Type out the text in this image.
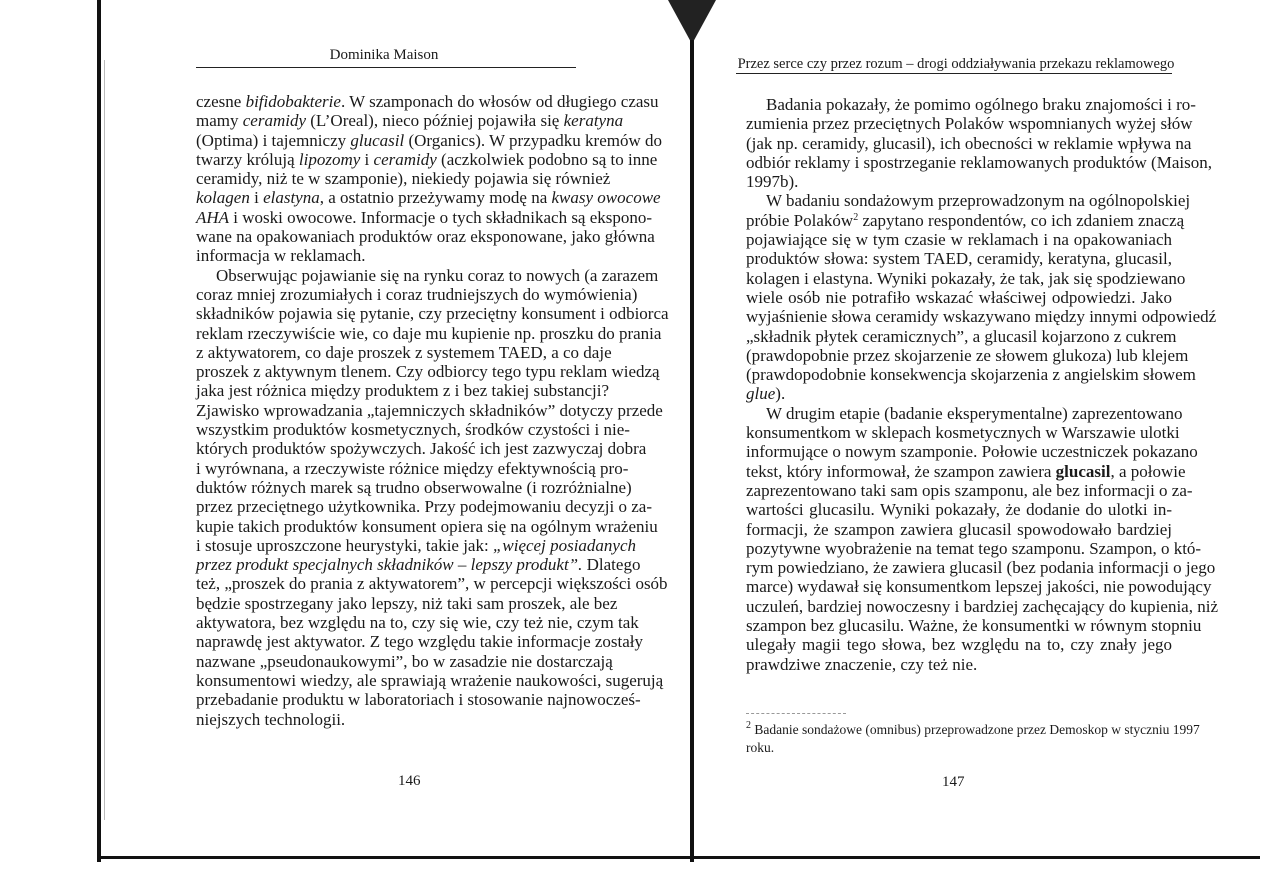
Dominika Maison
czesne bifidobakterie. W szamponach do włosów od długiego czasu
mamy ceramidy (L’Oreal), nieco później pojawiła się keratyna
(Optima) i tajemniczy glucasil (Organics). W przypadku kremów do
twarzy królują lipozomy i ceramidy (aczkolwiek podobno są to inne
ceramidy, niż te w szamponie), niekiedy pojawia się również
kolagen i elastyna, a ostatnio przeżywamy modę na kwasy owocowe
AHA i woski owocowe. Informacje o tych składnikach są ekspono-
wane na opakowaniach produktów oraz eksponowane, jako główna
informacja w reklamach.
Obserwując pojawianie się na rynku coraz to nowych (a zarazem
coraz mniej zrozumiałych i coraz trudniejszych do wymówienia)
składników pojawia się pytanie, czy przeciętny konsument i odbiorca
reklam rzeczywiście wie, co daje mu kupienie np. proszku do prania
z aktywatorem, co daje proszek z systemem TAED, a co daje
proszek z aktywnym tlenem. Czy odbiorcy tego typu reklam wiedzą
jaka jest różnica między produktem z i bez takiej substancji?
Zjawisko wprowadzania „tajemniczych składników” dotyczy przede
wszystkim produktów kosmetycznych, środków czystości i nie-
których produktów spożywczych. Jakość ich jest zazwyczaj dobra
i wyrównana, a rzeczywiste różnice między efektywnością pro-
duktów różnych marek są trudno obserwowalne (i rozróżnialne)
przez przeciętnego użytkownika. Przy podejmowaniu decyzji o za-
kupie takich produktów konsument opiera się na ogólnym wrażeniu
i stosuje uproszczone heurystyki, takie jak: „więcej posiadanych
przez produkt specjalnych składników – lepszy produkt”. Dlatego
też, „proszek do prania z aktywatorem”, w percepcji większości osób
będzie spostrzegany jako lepszy, niż taki sam proszek, ale bez
aktywatora, bez względu na to, czy się wie, czy też nie, czym tak
naprawdę jest aktywator. Z tego względu takie informacje zostały
nazwane „pseudonaukowymi”, bo w zasadzie nie dostarczają
konsumentowi wiedzy, ale sprawiają wrażenie naukowości, sugerują
przebadanie produktu w laboratoriach i stosowanie najnowocześ-
niejszych technologii.
146
Przez serce czy przez rozum – drogi oddziaływania przekazu reklamowego
Badania pokazały, że pomimo ogólnego braku znajomości i ro-
zumienia przez przeciętnych Polaków wspomnianych wyżej słów
(jak np. ceramidy, glucasil), ich obecności w reklamie wpływa na
odbiór reklamy i spostrzeganie reklamowanych produktów (Maison,
1997b).
W badaniu sondażowym przeprowadzonym na ogólnopolskiej
próbie Polaków$^2$ zapytano respondentów, co ich zdaniem znaczą
pojawiające się w tym czasie w reklamach i na opakowaniach
produktów słowa: system TAED, ceramidy, keratyna, glucasil,
kolagen i elastyna. Wyniki pokazały, że tak, jak się spodziewano
wiele osób nie potrafiło wskazać właściwej odpowiedzi. Jako
wyjaśnienie słowa ceramidy wskazywano między innymi odpowiedź
„składnik płytek ceramicznych”, a glucasil kojarzono z cukrem
(prawdopobnie przez skojarzenie ze słowem glukoza) lub klejem
(prawdopodobnie konsekwencja skojarzenia z angielskim słowem
glue).
W drugim etapie (badanie eksperymentalne) zaprezentowano
konsumentkom w sklepach kosmetycznych w Warszawie ulotki
informujące o nowym szamponie. Połowie uczestniczek pokazano
tekst, który informował, że szampon zawiera glucasil, a połowie
zaprezentowano taki sam opis szamponu, ale bez informacji o za-
wartości glucasilu. Wyniki pokazały, że dodanie do ulotki in-
formacji, że szampon zawiera glucasil spowodowało bardziej
pozytywne wyobrażenie na temat tego szamponu. Szampon, o któ-
rym powiedziano, że zawiera glucasil (bez podania informacji o jego
marce) wydawał się konsumentkom lepszej jakości, nie powodujący
uczuleń, bardziej nowoczesny i bardziej zachęcający do kupienia, niż
szampon bez glucasilu. Ważne, że konsumentki w równym stopniu
ulegały magii tego słowa, bez względu na to, czy znały jego
prawdziwe znaczenie, czy też nie.
$^2$ Badanie sondażowe (omnibus) przeprowadzone przez Demoskop w styczniu 1997
roku.
147
